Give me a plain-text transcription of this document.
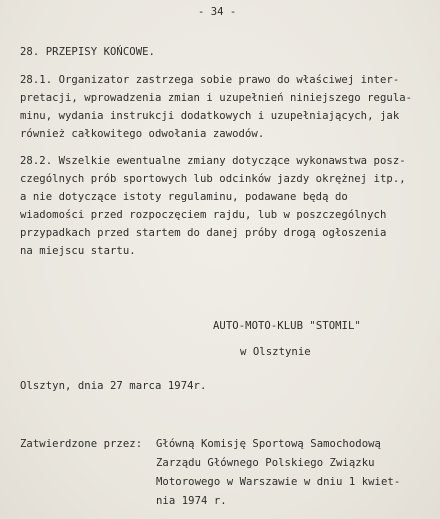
- 34 -
28. PRZEPISY KOŃCOWE.
28.1. Organizator zastrzega sobie prawo do właściwej inter-
pretacji, wprowadzenia zmian i uzupełnień niniejszego regula-
minu, wydania instrukcji dodatkowych i uzupełniających, jak
również całkowitego odwołania zawodów.
28.2. Wszelkie ewentualne zmiany dotyczące wykonawstwa posz-
czególnych prób sportowych lub odcinków jazdy okrężnej itp.,
a nie dotyczące istoty regulaminu, podawane będą do
wiadomości przed rozpoczęciem rajdu, lub w poszczególnych
przypadkach przed startem do danej próby drogą ogłoszenia
na miejscu startu.
AUTO-MOTO-KLUB "STOMIL"
w Olsztynie
Olsztyn, dnia 27 marca 1974r.
Zatwierdzone przez: Główną Komisję Sportową Samochodową
Zarządu Głównego Polskiego Związku
Motorowego w Warszawie w dniu 1 kwiet-
nia 1974 r.
